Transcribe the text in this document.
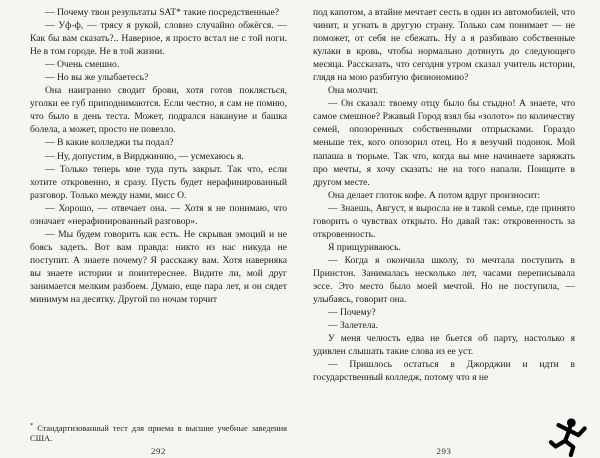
— Почему твои результаты SAT* такие посредственные?

— Уф-ф, — трясу я рукой, словно случайно обжёгся. — Как бы вам сказать?.. Наверное, я просто встал не с той ноги. Не в том городе. Не в той жизни.

— Очень смешно.

— Но вы же улыбаетесь?

Она наигранно сводит брови, хотя готов поклясться, уголки ее губ приподнимаются. Если честно, я сам не помню, что было в день теста. Может, подрался накануне и башка болела, а может, просто не повезло.

— В какие колледжи ты подал?

— Ну, допустим, в Вирджинию, — усмехаюсь я.

— Только теперь мне туда путь закрыт. Так что, если хотите откровенно, я сразу. Пусть будет нерафинированный разговор. Только между нами, мисс О.

— Хорошо, — отвечает она. — Хотя я не понимаю, что означает «нерафинированный разговор».

— Мы будем говорить как есть. Не скрывая эмоций и не боясь задеть. Вот вам правда: никто из нас никуда не поступит. А знаете почему? Я расскажу вам. Хотя наверняка вы знаете истории и поинтереснее. Видите ли, мой друг занимается мелким разбоем. Думаю, еще пара лет, и он сядет минимум на десятку. Другой по ночам торчит

* Стандартизованный тест для приема в высшие учебные заведения США.
292

под капотом, а втайне мечтает сесть в один из автомобилей, что чинит, и угнать в другую страну. Только сам понимает — не поможет, от себя не сбежать. Ну а я разбиваю собственные кулаки в кровь, чтобы нормально дотянуть до следующего месяца. Рассказать, что сегодня утром сказал учитель истории, глядя на мою разбитую физиономию?

Она молчит.

— Он сказал: твоему отцу было бы стыдно! А знаете, что самое смешное? Ржавый Город взял бы «золото» по количеству семей, опозоренных собственными отпрысками. Гораздо меньше тех, кого опозорил отец. Но я везучий подонок. Мой папаша в тюрьме. Так что, когда вы мне начинаете заряжать про мечты, я хочу сказать: не на того напали. Поищите в другом месте.

Она делает глоток кофе. А потом вдруг произносит:

— Знаешь, Август, я выросла не в такой семье, где принято говорить о чувствах открыто. Но давай так: откровенность за откровенность.

Я прищуриваюсь.

— Когда я окончила школу, то мечтала поступить в Принстон. Занималась несколько лет, часами переписывала эссе. Это место было моей мечтой. Но не поступила, — улыбаясь, говорит она.

— Почему?

— Залетела.

У меня челюсть едва не бьется об парту, настолько я удивлен слышать такие слова из ее уст.

— Пришлось остаться в Джорджии и идти в государственный колледж, потому что я не

293
